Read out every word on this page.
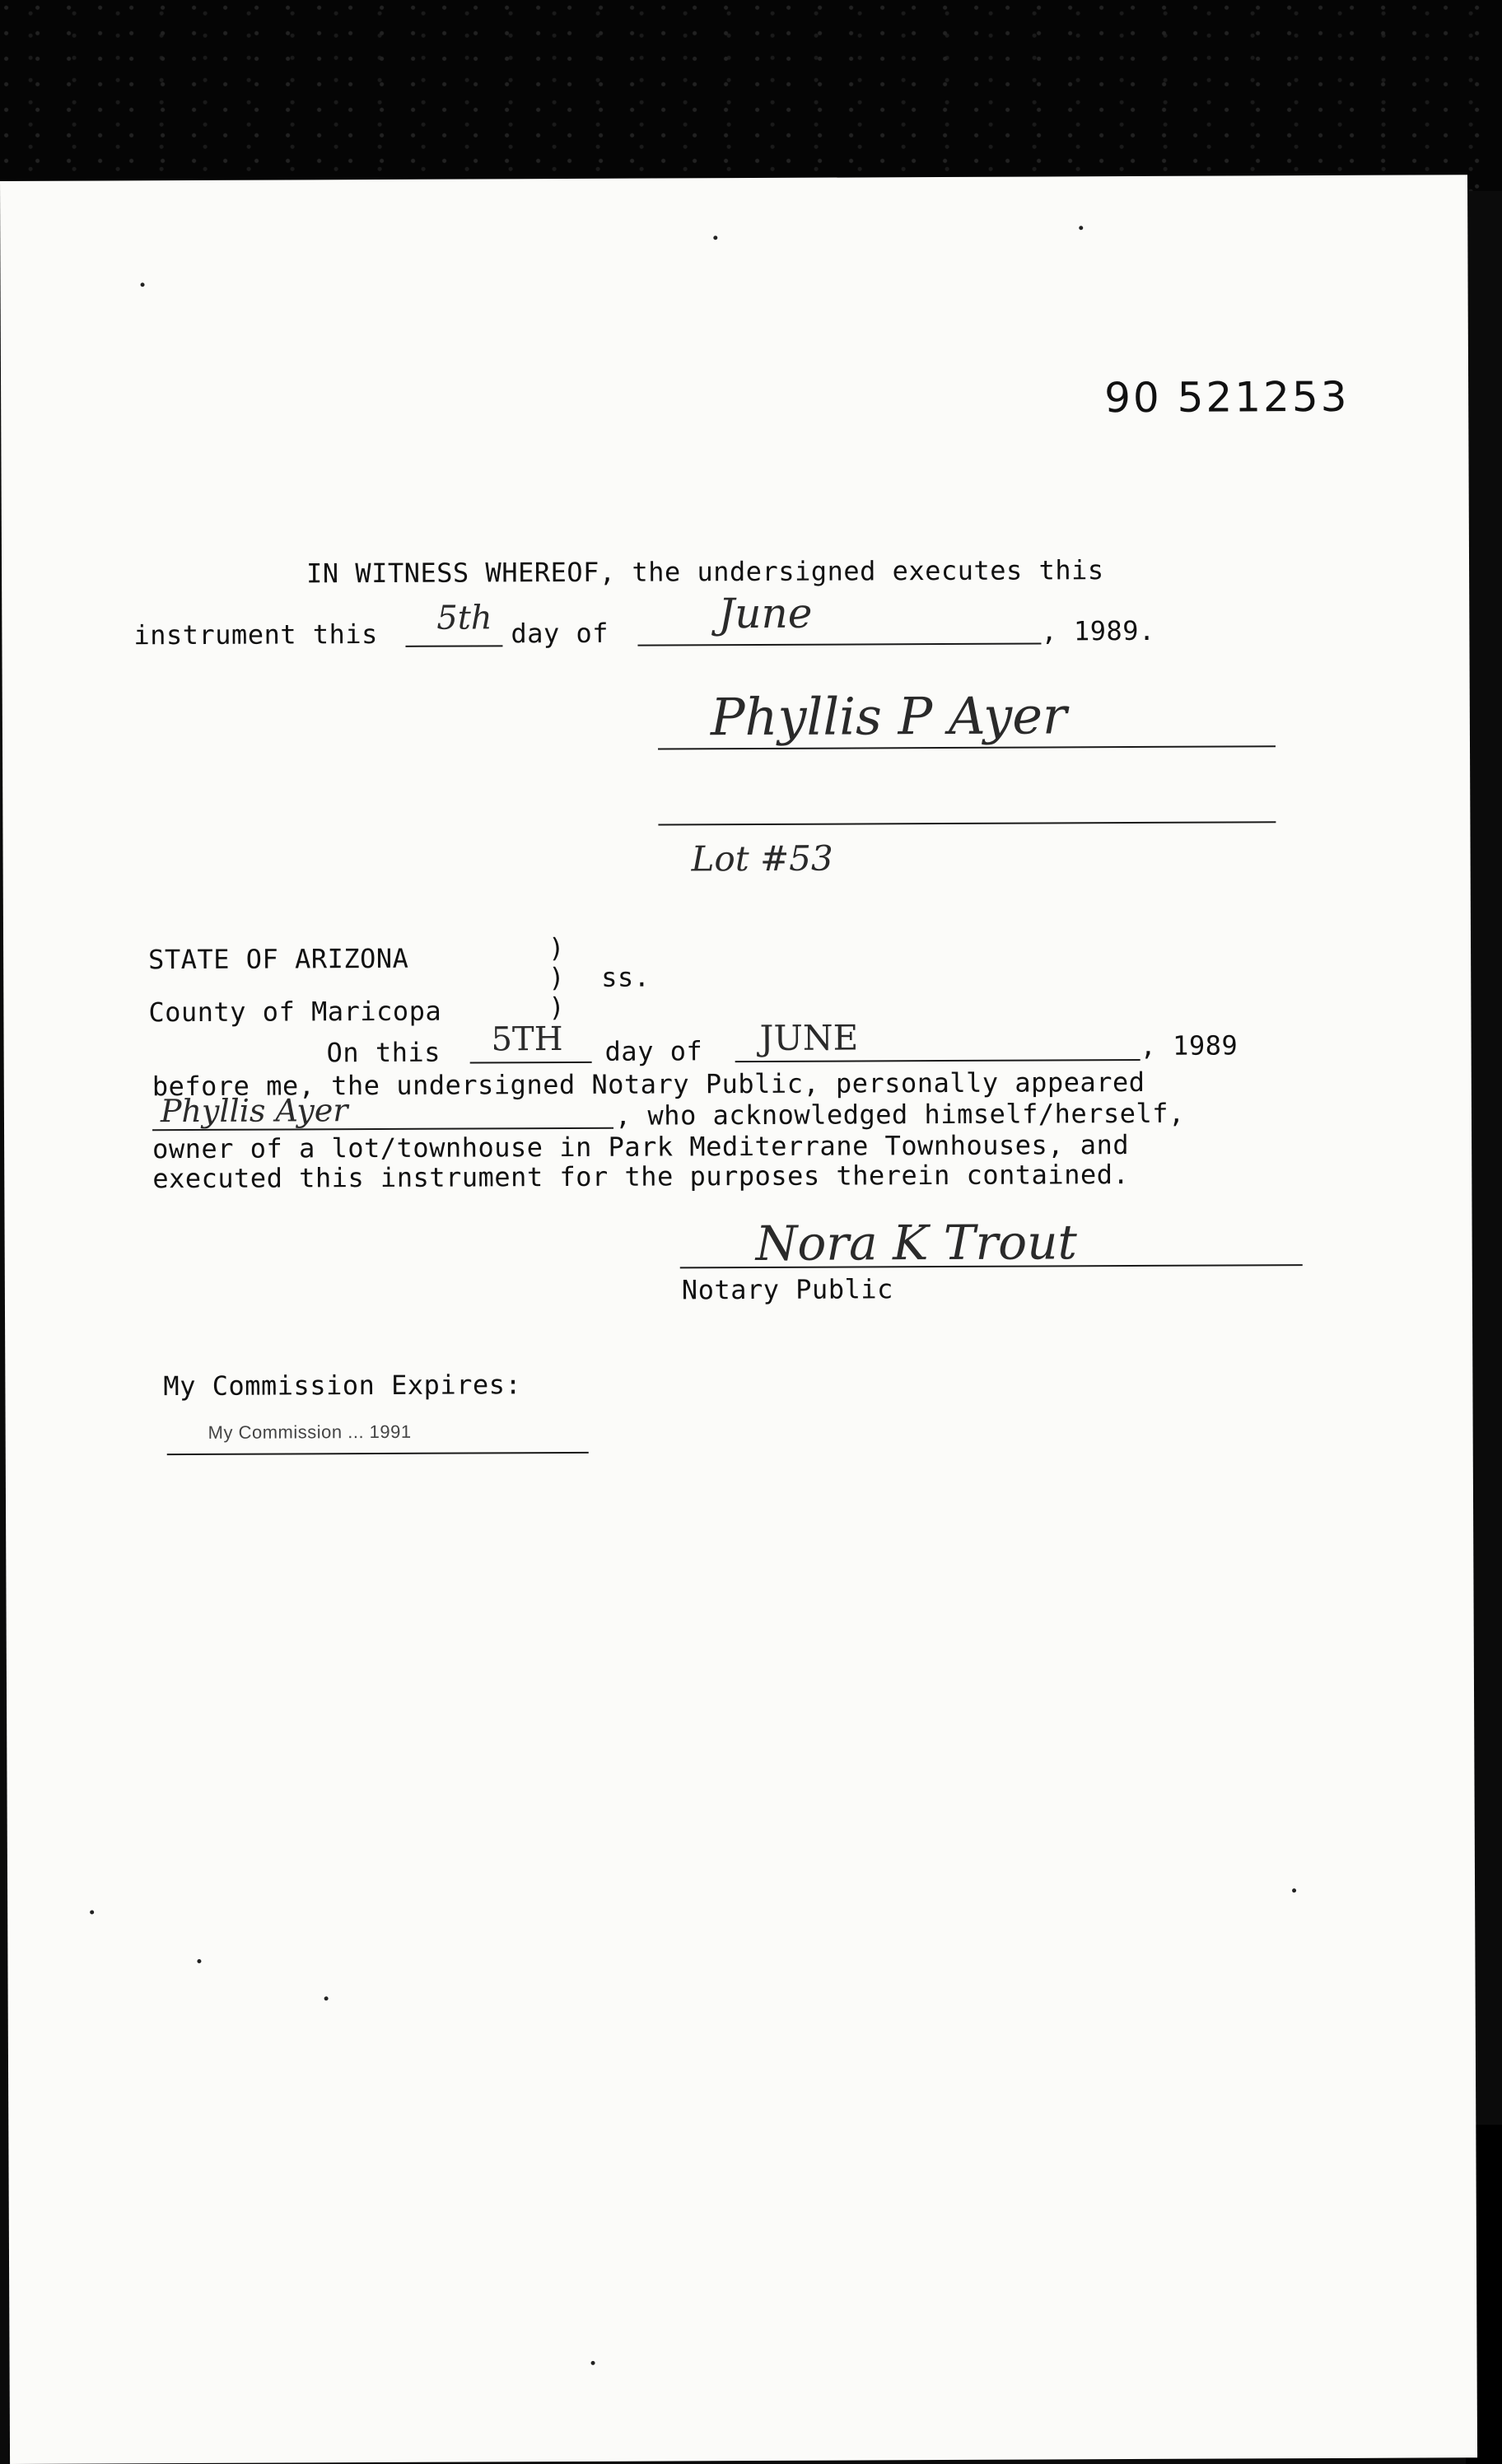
90 521253
IN WITNESS WHEREOF, the undersigned executes this
instrument this 5th day of	June	, 1989.
Phyllis P Ayer
Lot #53
STATE OF ARIZONA	)
) ss.
)
County of Maricopa
On this 5TH day of JUNE	, 1989
before me, the undersigned Notary Public, personally appeared
Phyllis Ayer	, who acknowledged himself/herself,
owner of a lot/townhouse in Park Mediterrane Townhouses, and
executed this instrument for the purposes therein contained.
Nora K Trout
Notary Public
My Commission Expires:
My Commission ... 1991
